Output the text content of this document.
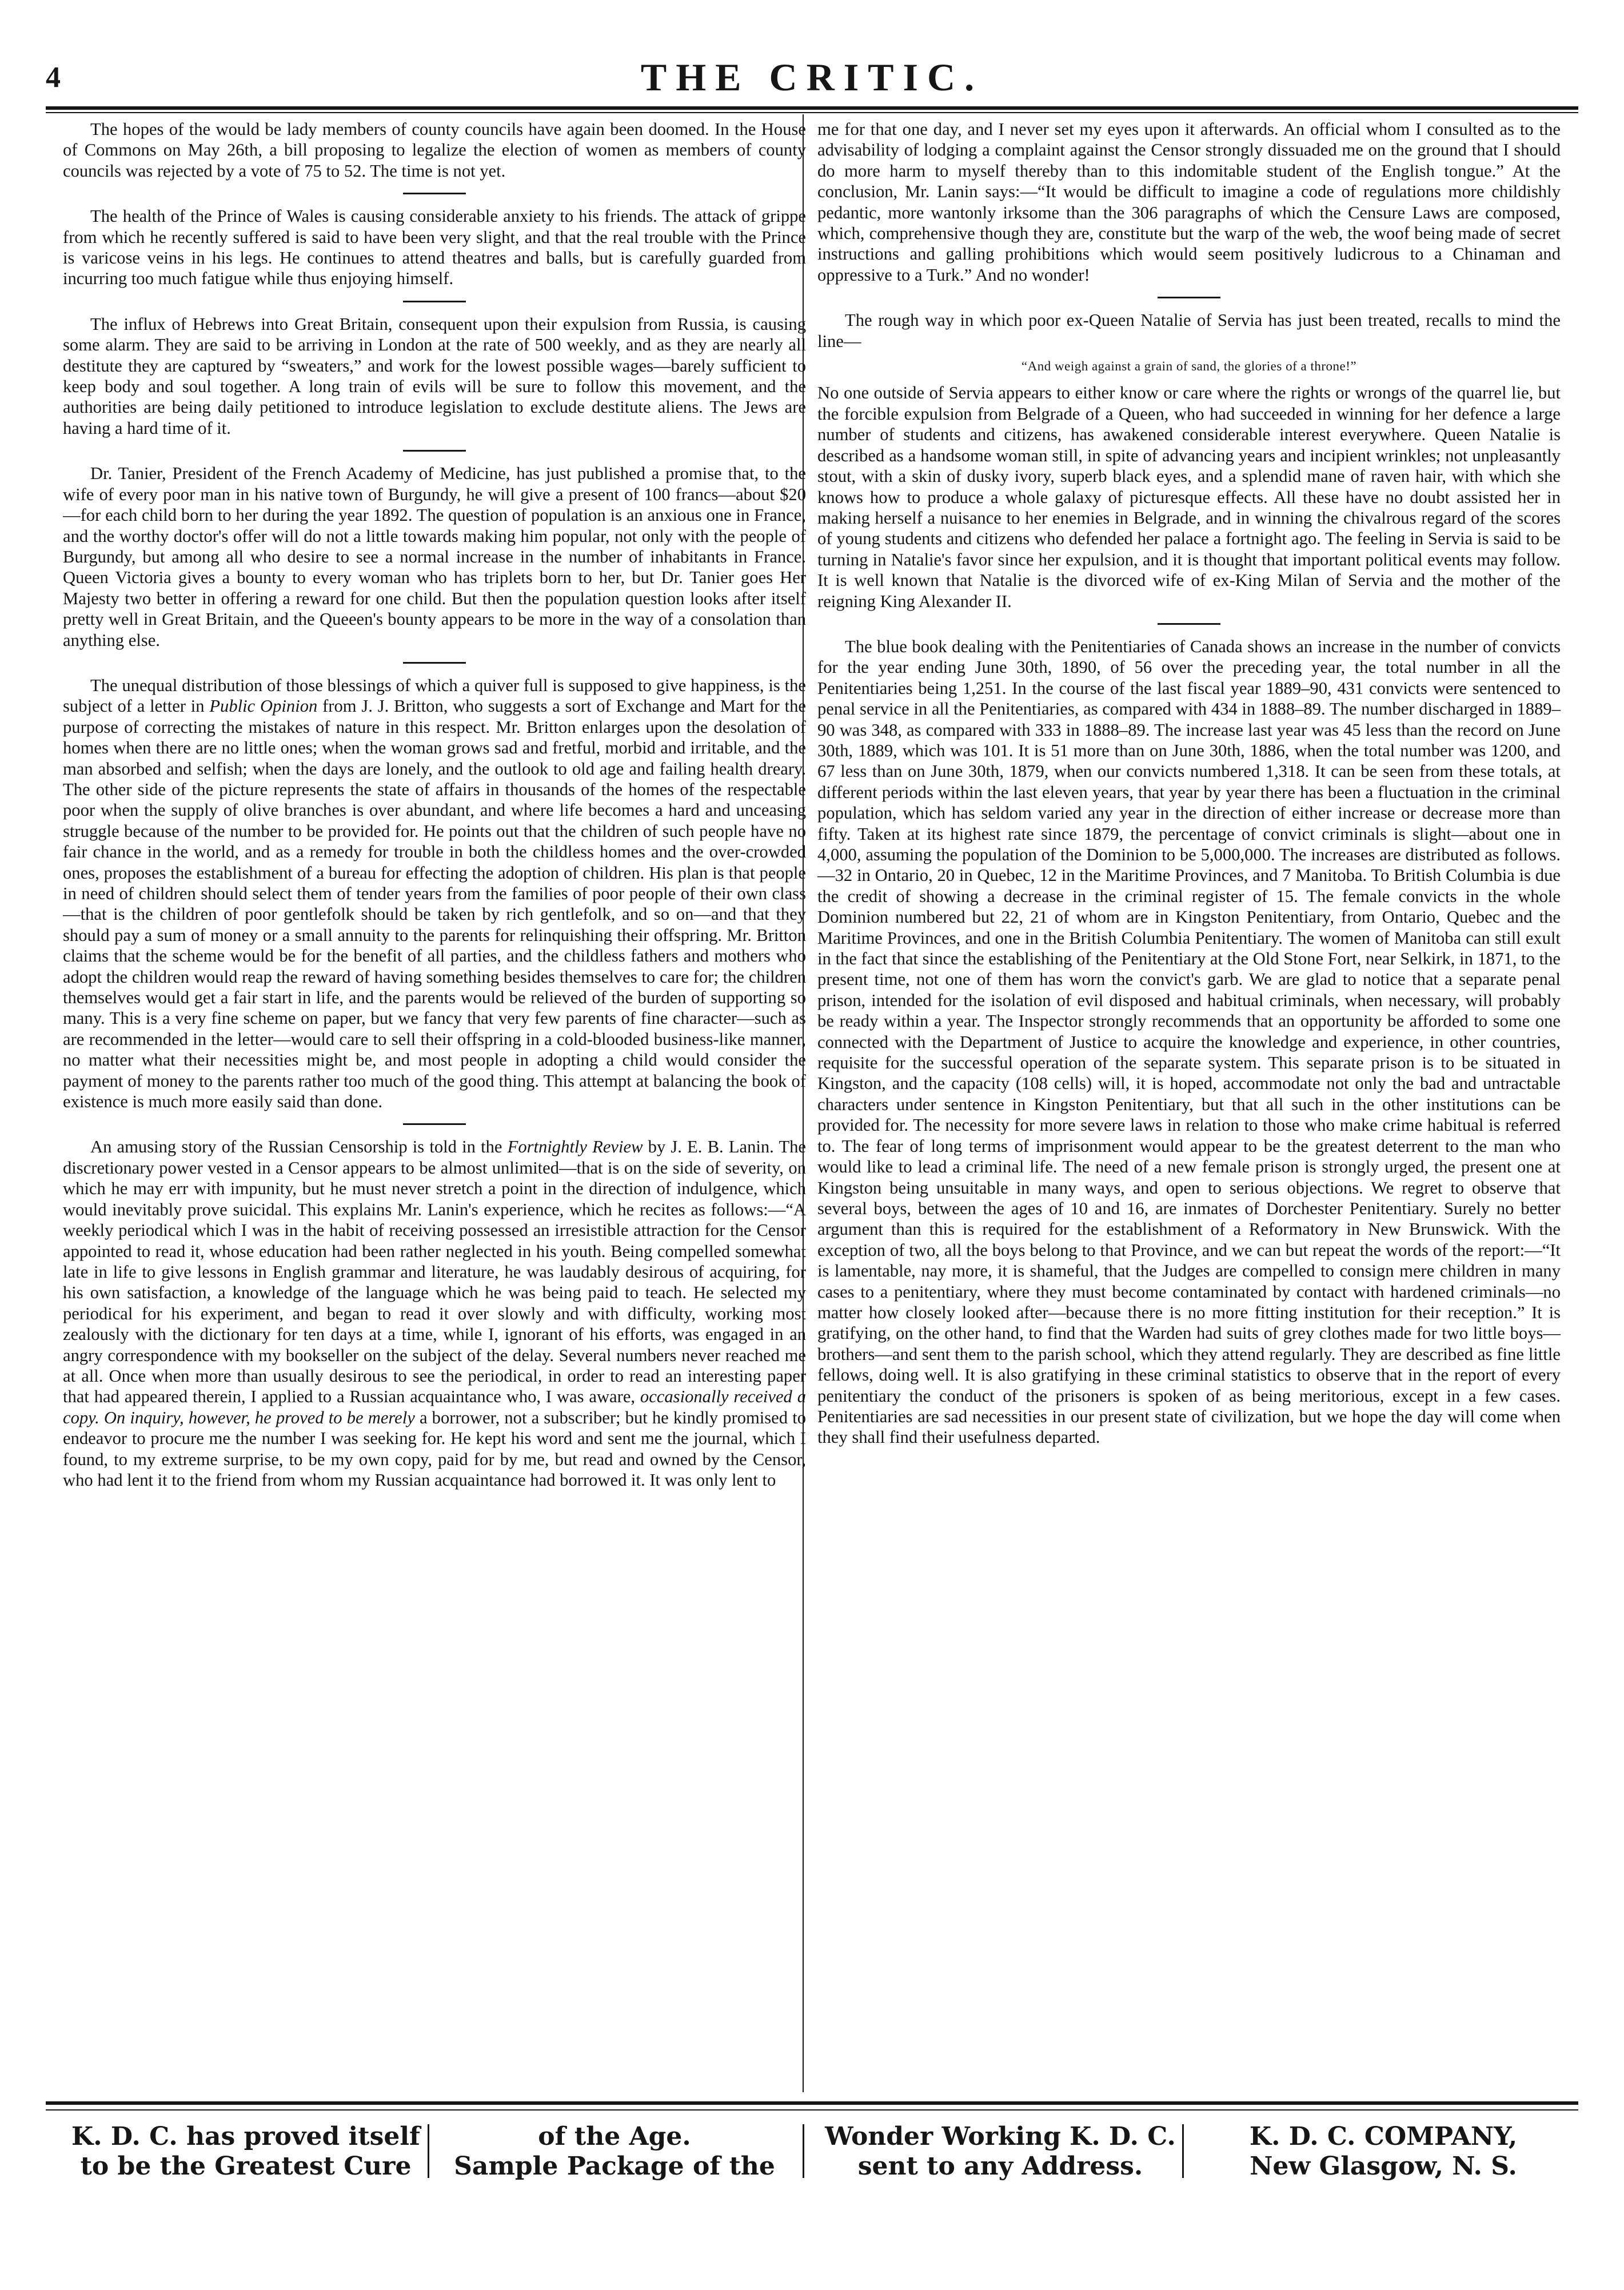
4	THE CRITIC.

The hopes of the would be lady members of county councils have again been doomed. In the House of Commons on May 26th, a bill proposing to legalize the election of women as members of county councils was rejected by a vote of 75 to 52. The time is not yet.

The health of the Prince of Wales is causing considerable anxiety to his friends. The attack of grippe from which he recently suffered is said to have been very slight, and that the real trouble with the Prince is varicose veins in his legs. He continues to attend theatres and balls, but is carefully guarded from incurring too much fatigue while thus enjoying himself.

The influx of Hebrews into Great Britain, consequent upon their expulsion from Russia, is causing some alarm. They are said to be arriving in London at the rate of 500 weekly, and as they are nearly all destitute they are captured by “sweaters,” and work for the lowest possible wages—barely sufficient to keep body and soul together. A long train of evils will be sure to follow this movement, and the authorities are being daily petitioned to introduce legislation to exclude destitute aliens. The Jews are having a hard time of it.

Dr. Tanier, President of the French Academy of Medicine, has just published a promise that, to the wife of every poor man in his native town of Burgundy, he will give a present of 100 francs—about $20—for each child born to her during the year 1892. The question of population is an anxious one in France, and the worthy doctor's offer will do not a little towards making him popular, not only with the people of Burgundy, but among all who desire to see a normal increase in the number of inhabitants in France. Queen Victoria gives a bounty to every woman who has triplets born to her, but Dr. Tanier goes Her Majesty two better in offering a reward for one child. But then the population question looks after itself pretty well in Great Britain, and the Queeen's bounty appears to be more in the way of a consolation than anything else.

The unequal distribution of those blessings of which a quiver full is supposed to give happiness, is the subject of a letter in Public Opinion from J. J. Britton, who suggests a sort of Exchange and Mart for the purpose of correcting the mistakes of nature in this respect. Mr. Britton enlarges upon the desolation of homes when there are no little ones; when the woman grows sad and fretful, morbid and irritable, and the man absorbed and selfish; when the days are lonely, and the outlook to old age and failing health dreary. The other side of the picture represents the state of affairs in thousands of the homes of the respectable poor when the supply of olive branches is over abundant, and where life becomes a hard and unceasing struggle because of the number to be provided for. He points out that the children of such people have no fair chance in the world, and as a remedy for trouble in both the childless homes and the over-crowded ones, proposes the establishment of a bureau for effecting the adoption of children. His plan is that people in need of children should select them of tender years from the families of poor people of their own class—that is the children of poor gentlefolk should be taken by rich gentlefolk, and so on—and that they should pay a sum of money or a small annuity to the parents for relinquishing their offspring. Mr. Britton claims that the scheme would be for the benefit of all parties, and the childless fathers and mothers who adopt the children would reap the reward of having something besides themselves to care for; the children themselves would get a fair start in life, and the parents would be relieved of the burden of supporting so many. This is a very fine scheme on paper, but we fancy that very few parents of fine character—such as are recommended in the letter—would care to sell their offspring in a cold-blooded business-like manner, no matter what their necessities might be, and most people in adopting a child would consider the payment of money to the parents rather too much of the good thing. This attempt at balancing the book of existence is much more easily said than done.

An amusing story of the Russian Censorship is told in the Fortnightly Review by J. E. B. Lanin. The discretionary power vested in a Censor appears to be almost unlimited—that is on the side of severity, on which he may err with impunity, but he must never stretch a point in the direction of indulgence, which would inevitably prove suicidal. This explains Mr. Lanin's experience, which he recites as follows:—“A weekly periodical which I was in the habit of receiving possessed an irresistible attraction for the Censor appointed to read it, whose education had been rather neglected in his youth. Being compelled somewhat late in life to give lessons in English grammar and literature, he was laudably desirous of acquiring, for his own satisfaction, a knowledge of the language which he was being paid to teach. He selected my periodical for his experiment, and began to read it over slowly and with difficulty, working most zealously with the dictionary for ten days at a time, while I, ignorant of his efforts, was engaged in an angry correspondence with my bookseller on the subject of the delay. Several numbers never reached me at all. Once when more than usually desirous to see the periodical, in order to read an interesting paper that had appeared therein, I applied to a Russian acquaintance who, I was aware, occasionally received a copy. On inquiry, however, he proved to be merely a borrower, not a subscriber; but he kindly promised to endeavor to procure me the number I was seeking for. He kept his word and sent me the journal, which I found, to my extreme surprise, to be my own copy, paid for by me, but read and owned by the Censor, who had lent it to the friend from whom my Russian acquaintance had borrowed it. It was only lent to

me for that one day, and I never set my eyes upon it afterwards. An official whom I consulted as to the advisability of lodging a complaint against the Censor strongly dissuaded me on the ground that I should do more harm to myself thereby than to this indomitable student of the English tongue.” At the conclusion, Mr. Lanin says:—“It would be difficult to imagine a code of regulations more childishly pedantic, more wantonly irksome than the 306 paragraphs of which the Censure Laws are composed, which, comprehensive though they are, constitute but the warp of the web, the woof being made of secret instructions and galling prohibitions which would seem positively ludicrous to a Chinaman and oppressive to a Turk.” And no wonder!

The rough way in which poor ex-Queen Natalie of Servia has just been treated, recalls to mind the line—

“And weigh against a grain of sand, the glories of a throne!”

No one outside of Servia appears to either know or care where the rights or wrongs of the quarrel lie, but the forcible expulsion from Belgrade of a Queen, who had succeeded in winning for her defence a large number of students and citizens, has awakened considerable interest everywhere. Queen Natalie is described as a handsome woman still, in spite of advancing years and incipient wrinkles; not unpleasantly stout, with a skin of dusky ivory, superb black eyes, and a splendid mane of raven hair, with which she knows how to produce a whole galaxy of picturesque effects. All these have no doubt assisted her in making herself a nuisance to her enemies in Belgrade, and in winning the chivalrous regard of the scores of young students and citizens who defended her palace a fortnight ago. The feeling in Servia is said to be turning in Natalie's favor since her expulsion, and it is thought that important political events may follow. It is well known that Natalie is the divorced wife of ex-King Milan of Servia and the mother of the reigning King Alexander II.

The blue book dealing with the Penitentiaries of Canada shows an increase in the number of convicts for the year ending June 30th, 1890, of 56 over the preceding year, the total number in all the Penitentiaries being 1,251. In the course of the last fiscal year 1889–90, 431 convicts were sentenced to penal service in all the Penitentiaries, as compared with 434 in 1888–89. The number discharged in 1889–90 was 348, as compared with 333 in 1888–89. The increase last year was 45 less than the record on June 30th, 1889, which was 101. It is 51 more than on June 30th, 1886, when the total number was 1200, and 67 less than on June 30th, 1879, when our convicts numbered 1,318. It can be seen from these totals, at different periods within the last eleven years, that year by year there has been a fluctuation in the criminal population, which has seldom varied any year in the direction of either increase or decrease more than fifty. Taken at its highest rate since 1879, the percentage of convict criminals is slight—about one in 4,000, assuming the population of the Dominion to be 5,000,000. The increases are distributed as follows.—32 in Ontario, 20 in Quebec, 12 in the Maritime Provinces, and 7 Manitoba. To British Columbia is due the credit of showing a decrease in the criminal register of 15. The female convicts in the whole Dominion numbered but 22, 21 of whom are in Kingston Penitentiary, from Ontario, Quebec and the Maritime Provinces, and one in the British Columbia Penitentiary. The women of Manitoba can still exult in the fact that since the establishing of the Penitentiary at the Old Stone Fort, near Selkirk, in 1871, to the present time, not one of them has worn the convict's garb. We are glad to notice that a separate penal prison, intended for the isolation of evil disposed and habitual criminals, when necessary, will probably be ready within a year. The Inspector strongly recommends that an opportunity be afforded to some one connected with the Department of Justice to acquire the knowledge and experience, in other countries, requisite for the successful operation of the separate system. This separate prison is to be situated in Kingston, and the capacity (108 cells) will, it is hoped, accommodate not only the bad and untractable characters under sentence in Kingston Penitentiary, but that all such in the other institutions can be provided for. The necessity for more severe laws in relation to those who make crime habitual is referred to. The fear of long terms of imprisonment would appear to be the greatest deterrent to the man who would like to lead a criminal life. The need of a new female prison is strongly urged, the present one at Kingston being unsuitable in many ways, and open to serious objections. We regret to observe that several boys, between the ages of 10 and 16, are inmates of Dorchester Penitentiary. Surely no better argument than this is required for the establishment of a Reformatory in New Brunswick. With the exception of two, all the boys belong to that Province, and we can but repeat the words of the report:—“It is lamentable, nay more, it is shameful, that the Judges are compelled to consign mere children in many cases to a penitentiary, where they must become contaminated by contact with hardened criminals—no matter how closely looked after—because there is no more fitting institution for their reception.” It is gratifying, on the other hand, to find that the Warden had suits of grey clothes made for two little boys—brothers—and sent them to the parish school, which they attend regularly. They are described as fine little fellows, doing well. It is also gratifying in these criminal statistics to observe that in the report of every penitentiary the conduct of the prisoners is spoken of as being meritorious, except in a few cases. Penitentiaries are sad necessities in our present state of civilization, but we hope the day will come when they shall find their usefulness departed.

K. D. C. has proved itself
to be the Greatest Cure
of the Age.
Sample Package of the
Wonder Working K. D. C.
sent to any Address.
K. D. C. COMPANY,
New Glasgow, N. S.
